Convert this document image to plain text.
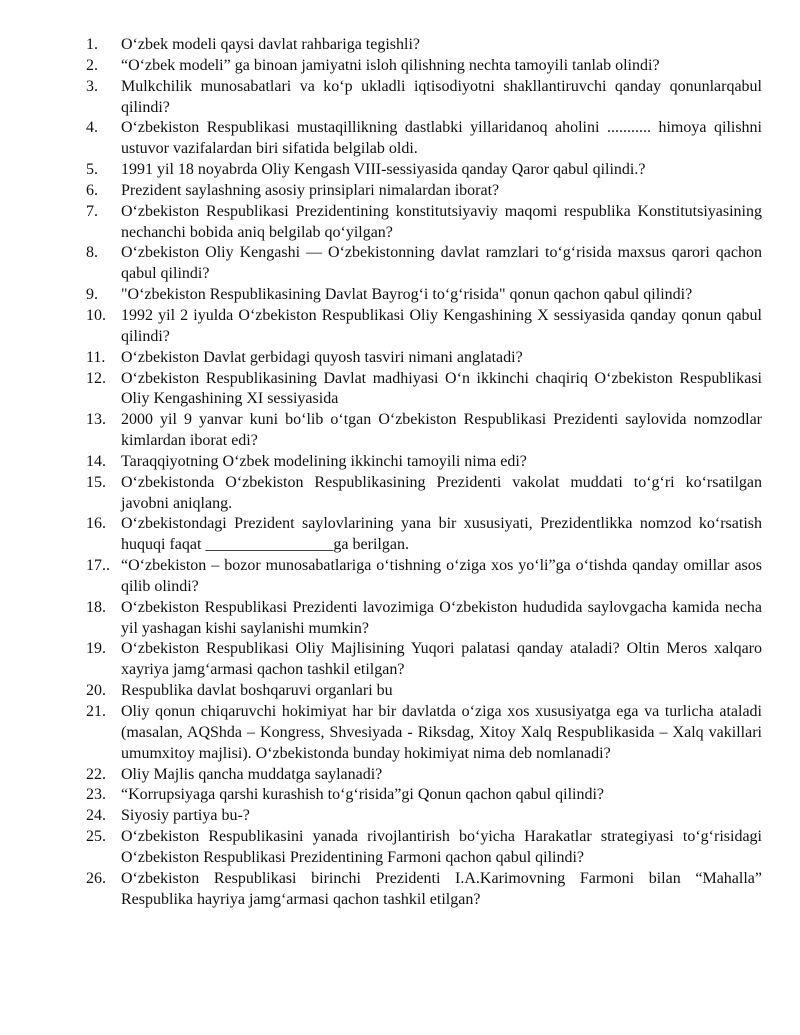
1. O‘zbek modeli qaysi davlat rahbariga tegishli?
2. “O‘zbek modeli” ga binoan jamiyatni isloh qilishning nechta tamoyili tanlab olindi?
3. Mulkchilik munosabatlari va ko‘p ukladli iqtisodiyotni shakllantiruvchi qanday qonunlarqabul qilindi?
4. O‘zbekiston Respublikasi mustaqillikning dastlabki yillaridanoq aholini ........... himoya qilishni ustuvor vazifalardan biri sifatida belgilab oldi.
5. 1991 yil 18 noyabrda Oliy Kengash VIII-sessiyasida qanday Qaror qabul qilindi.?
6. Prezident saylashning asosiy prinsiplari nimalardan iborat?
7. O‘zbekiston Respublikasi Prezidentining konstitutsiyaviy maqomi respublika Konstitutsiyasining nechanchi bobida aniq belgilab qo‘yilgan?
8. O‘zbekiston Oliy Kengashi — O‘zbekistonning davlat ramzlari to‘g‘risida maxsus qarori qachon qabul qilindi?
9. "O‘zbekiston Respublikasining Davlat Bayrog‘i to‘g‘risida" qonun qachon qabul qilindi?
10. 1992 yil 2 iyulda O‘zbekiston Respublikasi Oliy Kengashining X sessiyasida qanday qonun qabul qilindi?
11. O‘zbekiston Davlat gerbidagi quyosh tasviri nimani anglatadi?
12. O‘zbekiston Respublikasining Davlat madhiyasi O‘n ikkinchi chaqiriq O‘zbekiston Respublikasi Oliy Kengashining XI sessiyasida
13. 2000 yil 9 yanvar kuni bo‘lib o‘tgan O‘zbekiston Respublikasi Prezidenti saylovida nomzodlar kimlardan iborat edi?
14. Taraqqiyotning O‘zbek modelining ikkinchi tamoyili nima edi?
15. O‘zbekistonda O‘zbekiston Respublikasining Prezidenti vakolat muddati to‘g‘ri ko‘rsatilgan javobni aniqlang.
16. O‘zbekistondagi Prezident saylovlarining yana bir xususiyati, Prezidentlikka nomzod ko‘rsatish huquqi faqat ________________ga berilgan.
17.. “O‘zbekiston – bozor munosabatlariga o‘tishning o‘ziga xos yo‘li”ga o‘tishda qanday omillar asos qilib olindi?
18. O‘zbekiston Respublikasi Prezidenti lavozimiga O‘zbekiston hududida saylovgacha kamida necha yil yashagan kishi saylanishi mumkin?
19. O‘zbekiston Respublikasi Oliy Majlisining Yuqori palatasi qanday ataladi? Oltin Meros xalqaro xayriya jamg‘armasi qachon tashkil etilgan?
20. Respublika davlat boshqaruvi organlari bu
21. Oliy qonun chiqaruvchi hokimiyat har bir davlatda o‘ziga xos xususiyatga ega va turlicha ataladi (masalan, AQShda – Kongress, Shvesiyada - Riksdag, Xitoy Xalq Respublikasida – Xalq vakillari umumxitoy majlisi). O‘zbekistonda bunday hokimiyat nima deb nomlanadi?
22. Oliy Majlis qancha muddatga saylanadi?
23. “Korrupsiyaga qarshi kurashish to‘g‘risida”gi Qonun qachon qabul qilindi?
24. Siyosiy partiya bu-?
25. O‘zbekiston Respublikasini yanada rivojlantirish bo‘yicha Harakatlar strategiyasi to‘g‘risidagi O‘zbekiston Respublikasi Prezidentining Farmoni qachon qabul qilindi?
26. O‘zbekiston Respublikasi birinchi Prezidenti I.A.Karimovning Farmoni bilan “Mahalla” Respublika hayriya jamg‘armasi qachon tashkil etilgan?
